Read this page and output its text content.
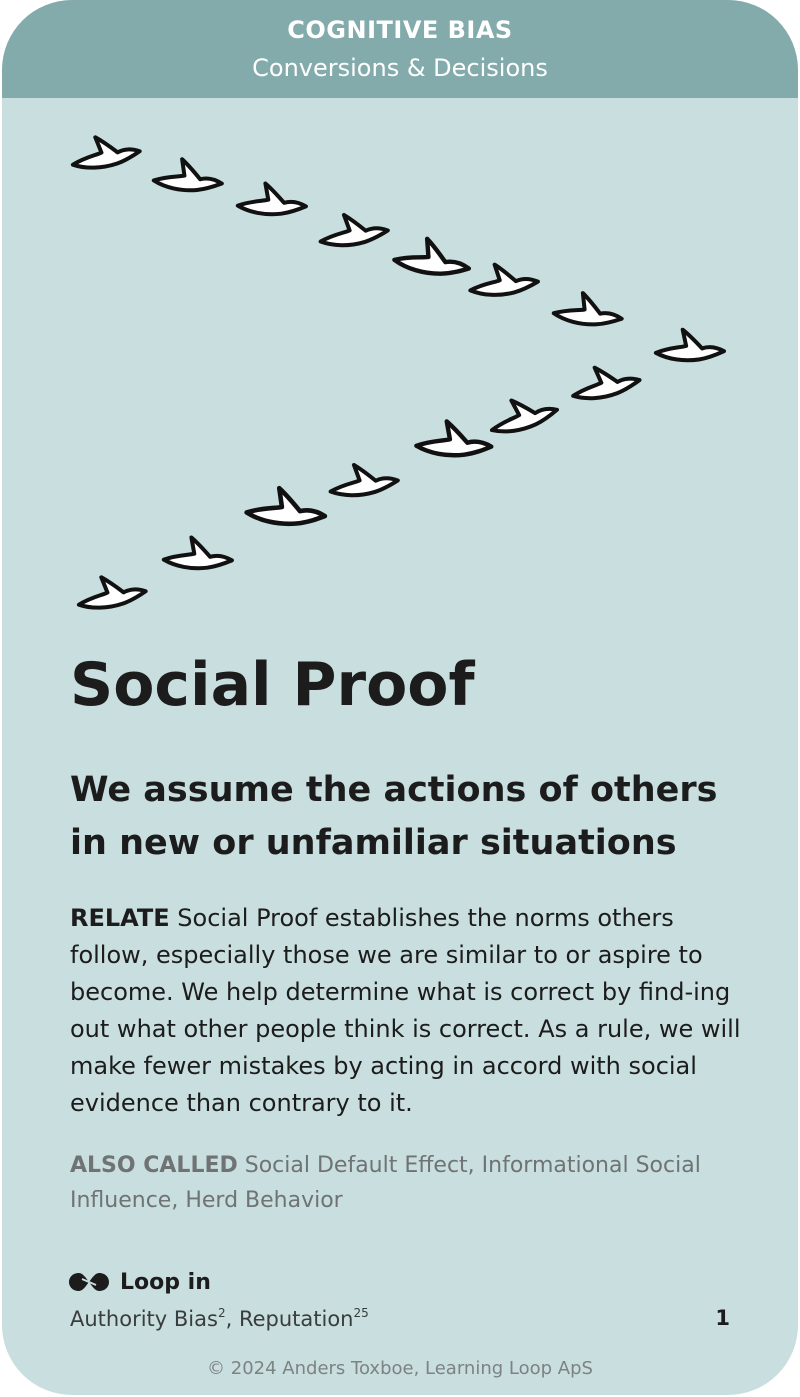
COGNITIVE BIAS
Conversions & Decisions
Social Proof
We assume the actions of others in new or unfamiliar situations
RELATE Social Proof establishes the norms others follow, especially those we are similar to or aspire to become. We help determine what is correct by find-ing out what other people think is correct. As a rule, we will make fewer mistakes by acting in accord with social evidence than contrary to it.
ALSO CALLED Social Default Effect, Informational Social Influence, Herd Behavior
Loop in
Authority Bias$^2$, Reputation$^{25}$	1
© 2024 Anders Toxboe, Learning Loop ApS
